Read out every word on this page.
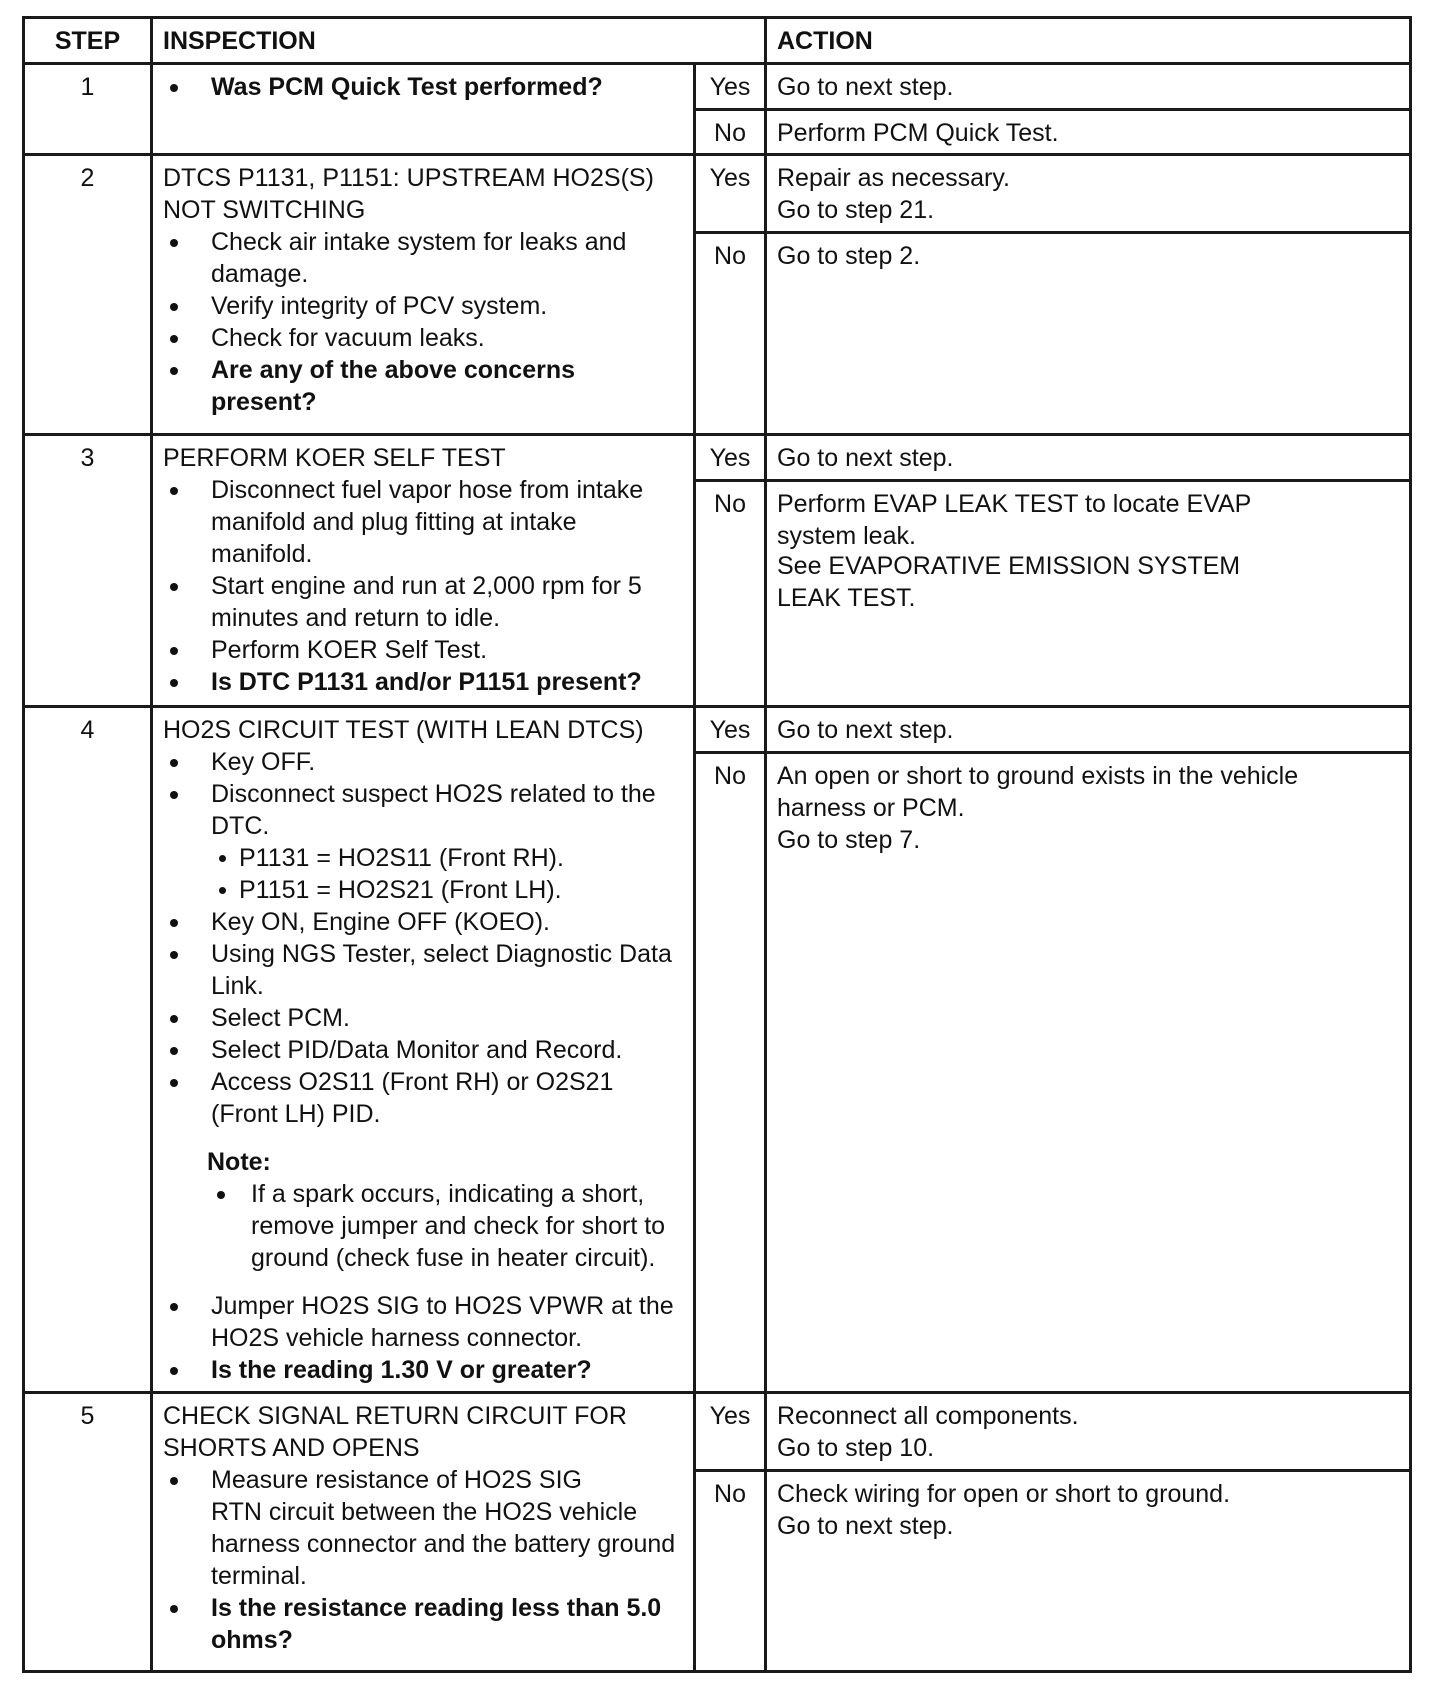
STEP	INSPECTION	ACTION
1	Was PCM Quick Test performed?	Yes	Go to next step.
No	Perform PCM Quick Test.
2	DTCS P1131, P1151: UPSTREAM HO2S(S)
NOT SWITCHING
Check air intake system for leaks and
damage.
Verify integrity of PCV system.
Check for vacuum leaks.
Are any of the above concerns
present?
Yes	Repair as necessary.
Go to step 21.
No	Go to step 2.
3	PERFORM KOER SELF TEST
Disconnect fuel vapor hose from intake
manifold and plug fitting at intake
manifold.
Start engine and run at 2,000 rpm for 5
minutes and return to idle.
Perform KOER Self Test.
Is DTC P1131 and/or P1151 present?
Yes	Go to next step.
No	Perform EVAP LEAK TEST to locate EVAP
system leak.
See EVAPORATIVE EMISSION SYSTEM
LEAK TEST.
4	HO2S CIRCUIT TEST (WITH LEAN DTCS)
Key OFF.
Disconnect suspect HO2S related to the
DTC.
P1131 = HO2S11 (Front RH).
P1151 = HO2S21 (Front LH).
Key ON, Engine OFF (KOEO).
Using NGS Tester, select Diagnostic Data
Link.
Select PCM.
Select PID/Data Monitor and Record.
Access O2S11 (Front RH) or O2S21
(Front LH) PID.
Note:
If a spark occurs, indicating a short,
remove jumper and check for short to
ground (check fuse in heater circuit).
Jumper HO2S SIG to HO2S VPWR at the
HO2S vehicle harness connector.
Is the reading 1.30 V or greater?
Yes	Go to next step.
No	An open or short to ground exists in the vehicle
harness or PCM.
Go to step 7.
5	CHECK SIGNAL RETURN CIRCUIT FOR
SHORTS AND OPENS
Measure resistance of HO2S SIG
RTN circuit between the HO2S vehicle
harness connector and the battery ground
terminal.
Is the resistance reading less than 5.0
ohms?
Yes	Reconnect all components.
Go to step 10.
No	Check wiring for open or short to ground.
Go to next step.
